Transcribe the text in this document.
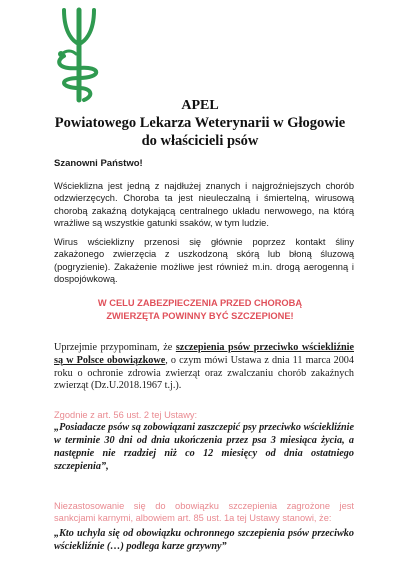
APEL
Powiatowego Lekarza Weterynarii w Głogowie
do właścicieli psów
Szanowni Państwo!
Wścieklizna jest jedną z najdłużej znanych i najgroźniejszych chorób odzwierzęcych. Choroba ta jest nieuleczalną i śmiertelną, wirusową chorobą zakaźną dotykającą centralnego układu nerwowego, na którą wrażliwe są wszystkie gatunki ssaków, w tym ludzie.
Wirus wścieklizny przenosi się głównie poprzez kontakt śliny zakażonego zwierzęcia z uszkodzoną skórą lub błoną śluzową (pogryzienie). Zakażenie możliwe jest również m.in. drogą aerogenną i dospojówkową.
W CELU ZABEZPIECZENIA PRZED CHOROBĄ
ZWIERZĘTA POWINNY BYĆ SZCZEPIONE!
Uprzejmie przypominam, że szczepienia psów przeciwko wściekliźnie są w Polsce obowiązkowe, o czym mówi Ustawa z dnia 11 marca 2004 roku o ochronie zdrowia zwierząt oraz zwalczaniu chorób zakaźnych zwierząt (Dz.U.2018.1967 t.j.).
Zgodnie z art. 56 ust. 2 tej Ustawy:
„Posiadacze psów są zobowiązani zaszczepić psy przeciwko wściekliźnie w terminie 30 dni od dnia ukończenia przez psa 3 miesiąca życia, a następnie nie rzadziej niż co 12 miesięcy od dnia ostatniego szczepienia”,
Niezastosowanie się do obowiązku szczepienia zagrożone jest sankcjami karnymi, albowiem art. 85 ust. 1a tej Ustawy stanowi, że:
„Kto uchyla się od obowiązku ochronnego szczepienia psów przeciwko wściekliźnie (…) podlega karze grzywny”
